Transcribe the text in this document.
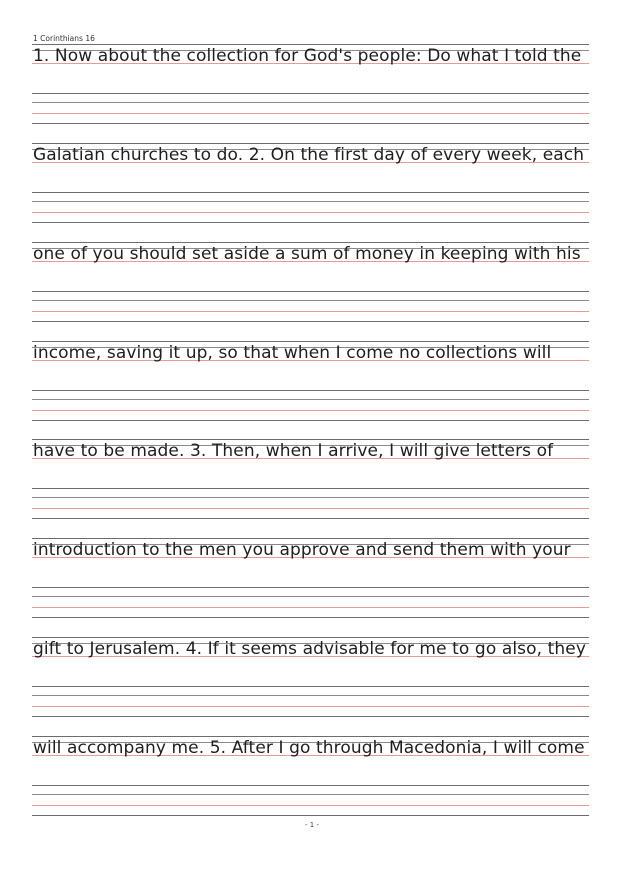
1 Corinthians 16
1. Now about the collection for God's people: Do what I told the
Galatian churches to do. 2. On the first day of every week, each
one of you should set aside a sum of money in keeping with his
income, saving it up, so that when I come no collections will
have to be made. 3. Then, when I arrive, I will give letters of
introduction to the men you approve and send them with your
gift to Jerusalem. 4. If it seems advisable for me to go also, they
will accompany me. 5. After I go through Macedonia, I will come
- 1 -
